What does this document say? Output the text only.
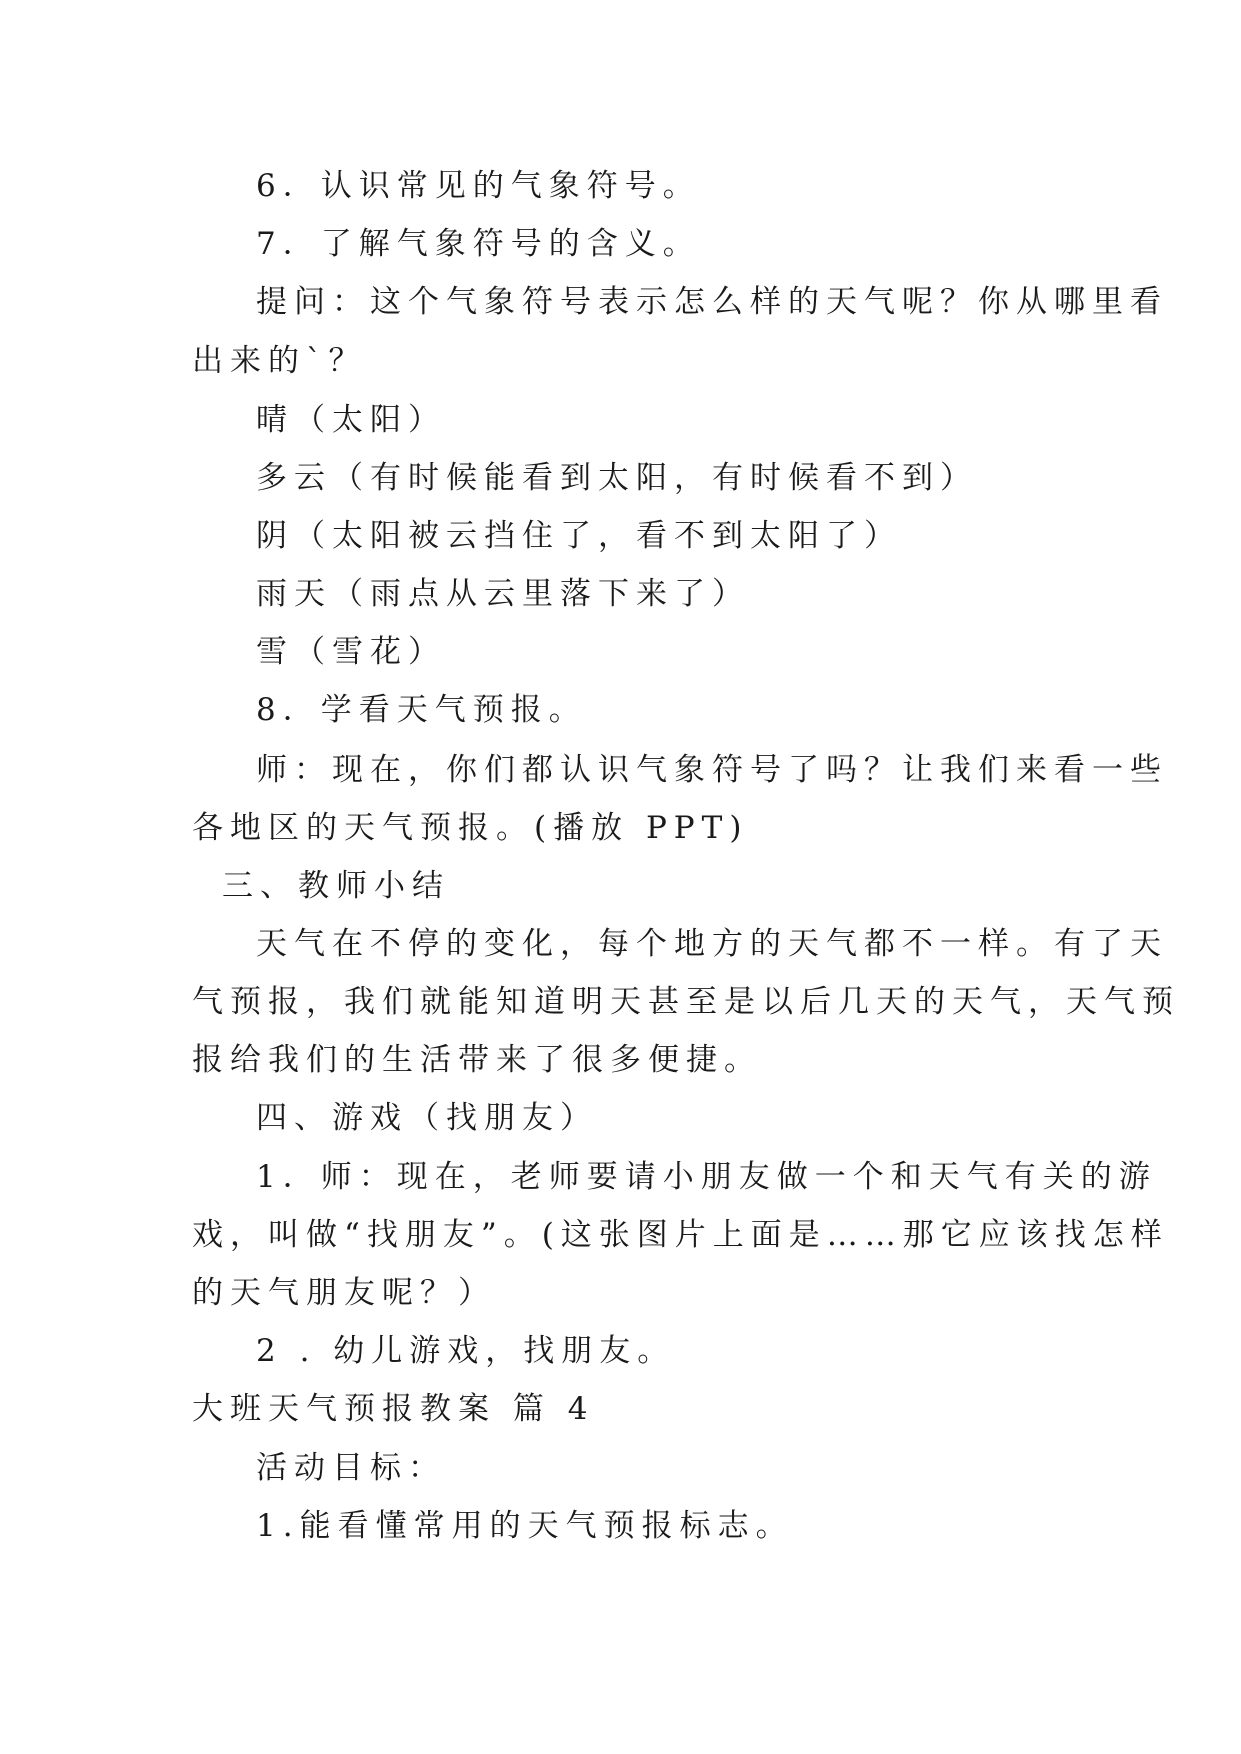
6．认识常见的气象符号。
7．了解气象符号的含义。
提问：这个气象符号表示怎么样的天气呢？你从哪里看
出来的`？
晴（太阳）
多云（有时候能看到太阳，有时候看不到）
阴（太阳被云挡住了，看不到太阳了）
雨天（雨点从云里落下来了）
雪（雪花）
8．学看天气预报。
师：现在，你们都认识气象符号了吗？让我们来看一些
各地区的天气预报。(播放 PPT)
三、教师小结
天气在不停的变化，每个地方的天气都不一样。有了天
气预报，我们就能知道明天甚至是以后几天的天气，天气预
报给我们的生活带来了很多便捷。
四、游戏（找朋友）
1．师：现在，老师要请小朋友做一个和天气有关的游
戏，叫做“找朋友”。(这张图片上面是……那它应该找怎样
的天气朋友呢？）
2 . 幼儿游戏，找朋友。
大班天气预报教案 篇 4
活动目标：
1.能看懂常用的天气预报标志。
